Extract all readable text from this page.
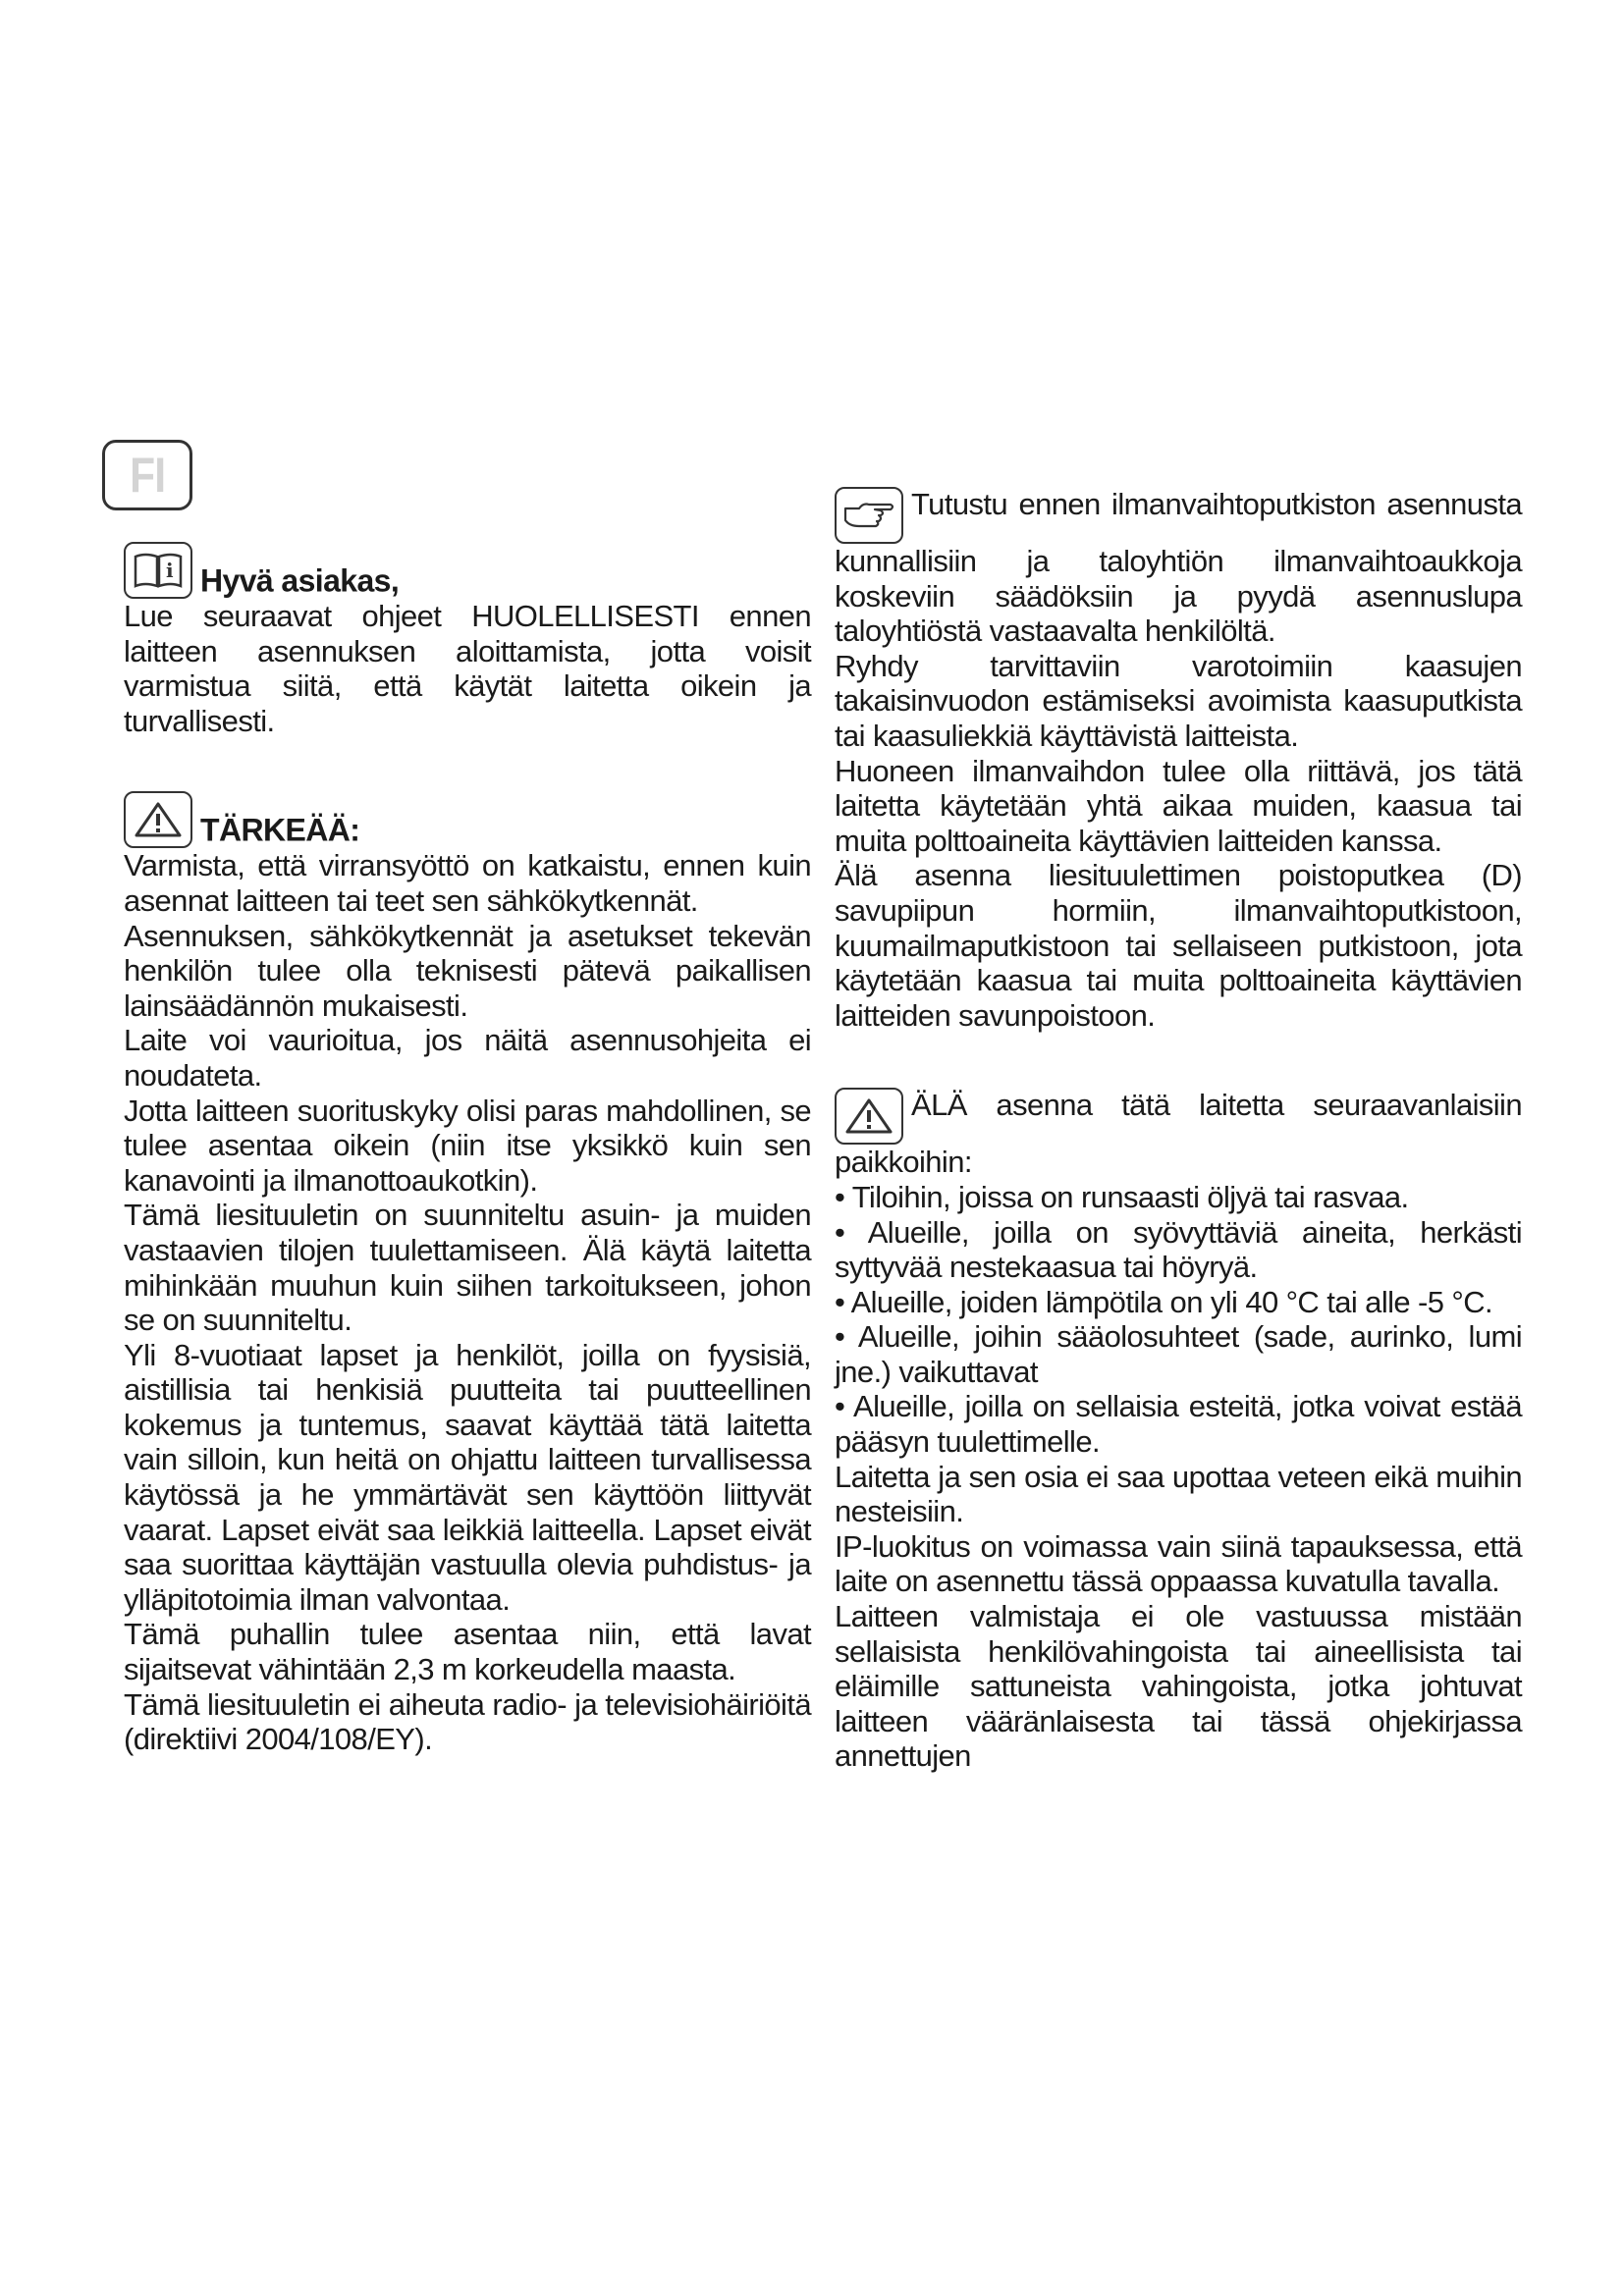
FI

i Hyvä asiakas,

Lue seuraavat ohjeet HUOLELLISESTI ennen laitteen asennuksen aloittamista, jotta voisit varmistua siitä, että käytät laitetta oikein ja turvallisesti.

TÄRKEÄÄ:

Varmista, että virransyöttö on katkaistu, ennen kuin asennat laitteen tai teet sen sähkökytkennät.

Asennuksen, sähkökytkennät ja asetukset tekevän henkilön tulee olla teknisesti pätevä paikallisen lainsäädännön mukaisesti.

Laite voi vaurioitua, jos näitä asennusohjeita ei noudateta.

Jotta laitteen suorituskyky olisi paras mahdollinen, se tulee asentaa oikein (niin itse yksikkö kuin sen kanavointi ja ilmanottoaukotkin).

Tämä liesituuletin on suunniteltu asuin- ja muiden vastaavien tilojen tuulettamiseen. Älä käytä laitetta mihinkään muuhun kuin siihen tarkoitukseen, johon se on suunniteltu.

Yli 8-vuotiaat lapset ja henkilöt, joilla on fyysisiä, aistillisia tai henkisiä puutteita tai puutteellinen kokemus ja tuntemus, saavat käyttää tätä laitetta vain silloin, kun heitä on ohjattu laitteen turvallisessa käytössä ja he ymmärtävät sen käyttöön liittyvät vaarat. Lapset eivät saa leikkiä laitteella. Lapset eivät saa suorittaa käyttäjän vastuulla olevia puhdistus- ja ylläpitotoimia ilman valvontaa.

Tämä puhallin tulee asentaa niin, että lavat sijaitsevat vähintään 2,3 m korkeudella maasta.

Tämä liesituuletin ei aiheuta radio- ja televisiohäiriöitä (direktiivi 2004/108/EY).

Tutustu ennen ilmanvaihtoputkiston asennusta kunnallisiin ja taloyhtiön ilmanvaihtoaukkoja koskeviin säädöksiin ja pyydä asennuslupa taloyhtiöstä vastaavalta henkilöltä.

Ryhdy tarvittaviin varotoimiin kaasujen takaisinvuodon estämiseksi avoimista kaasuputkista tai kaasuliekkiä käyttävistä laitteista.

Huoneen ilmanvaihdon tulee olla riittävä, jos tätä laitetta käytetään yhtä aikaa muiden, kaasua tai muita polttoaineita käyttävien laitteiden kanssa.

Älä asenna liesituulettimen poistoputkea (D) savupiipun hormiin, ilmanvaihtoputkistoon, kuumailmaputkistoon tai sellaiseen putkistoon, jota käytetään kaasua tai muita polttoaineita käyttävien laitteiden savunpoistoon.

ÄLÄ asenna tätä laitetta seuraavanlaisiin paikkoihin:

• Tiloihin, joissa on runsaasti öljyä tai rasvaa.

• Alueille, joilla on syövyttäviä aineita, herkästi syttyvää nestekaasua tai höyryä.

• Alueille, joiden lämpötila on yli 40 °C tai alle -5 °C.

• Alueille, joihin sääolosuhteet (sade, aurinko, lumi jne.) vaikuttavat

• Alueille, joilla on sellaisia esteitä, jotka voivat estää pääsyn tuulettimelle.

Laitetta ja sen osia ei saa upottaa veteen eikä muihin nesteisiin.

IP-luokitus on voimassa vain siinä tapauksessa, että laite on asennettu tässä oppaassa kuvatulla tavalla.

Laitteen valmistaja ei ole vastuussa mistään sellaisista henkilövahingoista tai aineellisista tai eläimille sattuneista vahingoista, jotka johtuvat laitteen vääränlaisesta tai tässä ohjekirjassa annettujen
